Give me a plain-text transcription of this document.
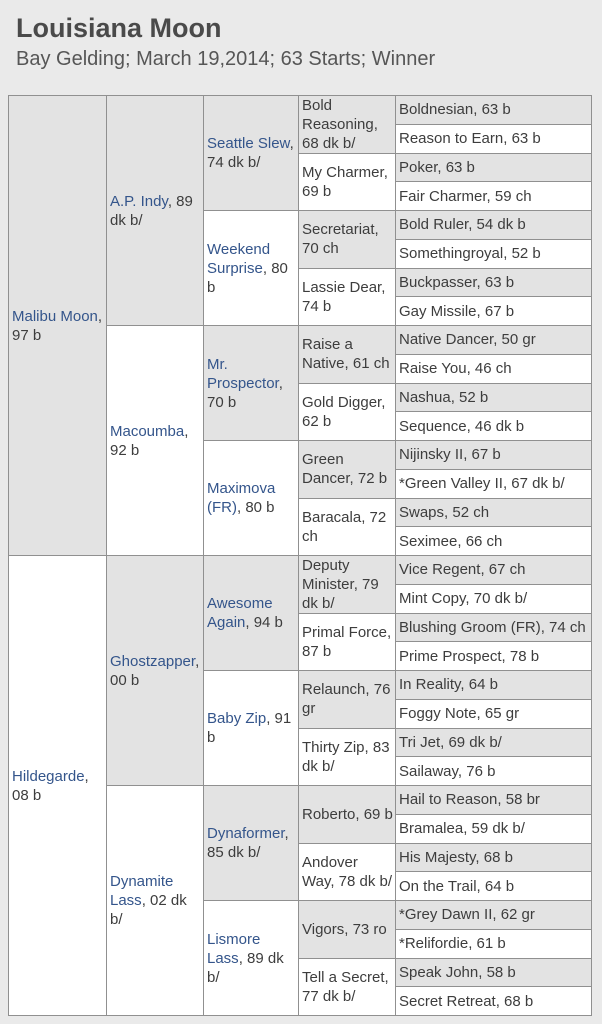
Louisiana Moon
Bay Gelding; March 19,2014; 63 Starts; Winner
Malibu Moon, 97 b
Hildegarde, 08 b
A.P. Indy, 89 dk b/
Macoumba, 92 b
Ghostzapper, 00 b
Dynamite Lass, 02 dk b/
Seattle Slew, 74 dk b/
Weekend Surprise, 80 b
Mr. Prospector, 70 b
Maximova (FR), 80 b
Awesome Again, 94 b
Baby Zip, 91 b
Dynaformer, 85 dk b/
Lismore Lass, 89 dk b/
Bold Reasoning, 68 dk b/
My Charmer, 69 b
Secretariat, 70 ch
Lassie Dear, 74 b
Raise a Native, 61 ch
Gold Digger, 62 b
Green Dancer, 72 b
Baracala, 72 ch
Deputy Minister, 79 dk b/
Primal Force, 87 b
Relaunch, 76 gr
Thirty Zip, 83 dk b/
Roberto, 69 b
Andover Way, 78 dk b/
Vigors, 73 ro
Tell a Secret, 77 dk b/
Boldnesian, 63 b
Reason to Earn, 63 b
Poker, 63 b
Fair Charmer, 59 ch
Bold Ruler, 54 dk b
Somethingroyal, 52 b
Buckpasser, 63 b
Gay Missile, 67 b
Native Dancer, 50 gr
Raise You, 46 ch
Nashua, 52 b
Sequence, 46 dk b
Nijinsky II, 67 b
*Green Valley II, 67 dk b/
Swaps, 52 ch
Seximee, 66 ch
Vice Regent, 67 ch
Mint Copy, 70 dk b/
Blushing Groom (FR), 74 ch
Prime Prospect, 78 b
In Reality, 64 b
Foggy Note, 65 gr
Tri Jet, 69 dk b/
Sailaway, 76 b
Hail to Reason, 58 br
Bramalea, 59 dk b/
His Majesty, 68 b
On the Trail, 64 b
*Grey Dawn II, 62 gr
*Relifordie, 61 b
Speak John, 58 b
Secret Retreat, 68 b
